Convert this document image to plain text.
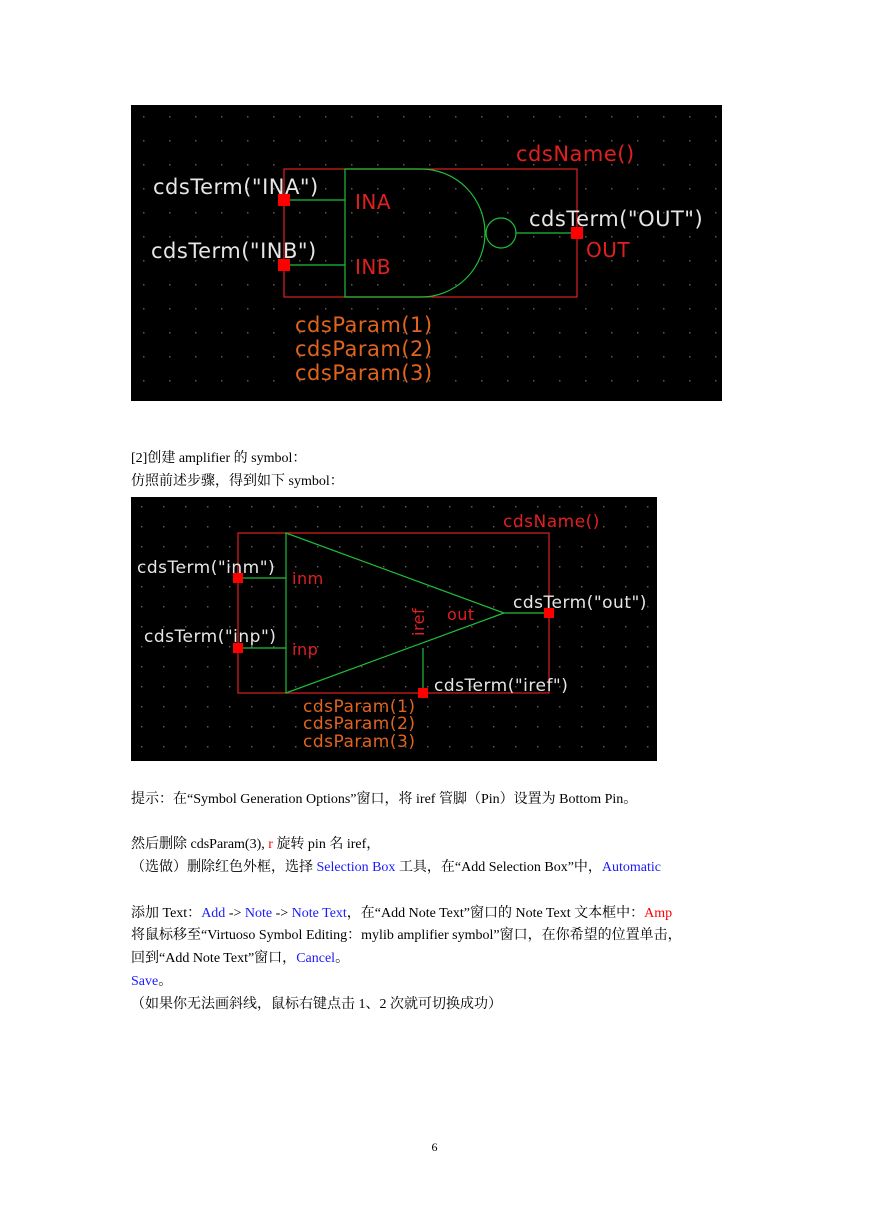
cdsName()
cdsTerm("INA")
cdsTerm("INB")
cdsTerm("OUT")
INA
INB
OUT
cdsParam(1)
cdsParam(2)
cdsParam(3)
[2]创建 amplifier 的 symbol：
仿照前述步骤，得到如下 symbol：
cdsName()
cdsTerm("inm")
cdsTerm("inp")
cdsTerm("out")
cdsTerm("iref")
inm
inp
out
iref
cdsParam(1)
cdsParam(2)
cdsParam(3)
提示：在“Symbol Generation Options”窗口，将 iref 管脚（Pin）设置为 Bottom Pin。
然后删除 cdsParam(3), r 旋转 pin 名 iref，
（选做）删除红色外框，选择 Selection Box 工具，在“Add Selection Box”中，Automatic
添加 Text：Add -> Note -> Note Text，在“Add Note Text”窗口的 Note Text 文本框中：Amp
将鼠标移至“Virtuoso Symbol Editing：mylib amplifier symbol”窗口，在你希望的位置单击，
回到“Add Note Text”窗口，Cancel。
Save。
（如果你无法画斜线，鼠标右键点击 1、2 次就可切换成功）
6
